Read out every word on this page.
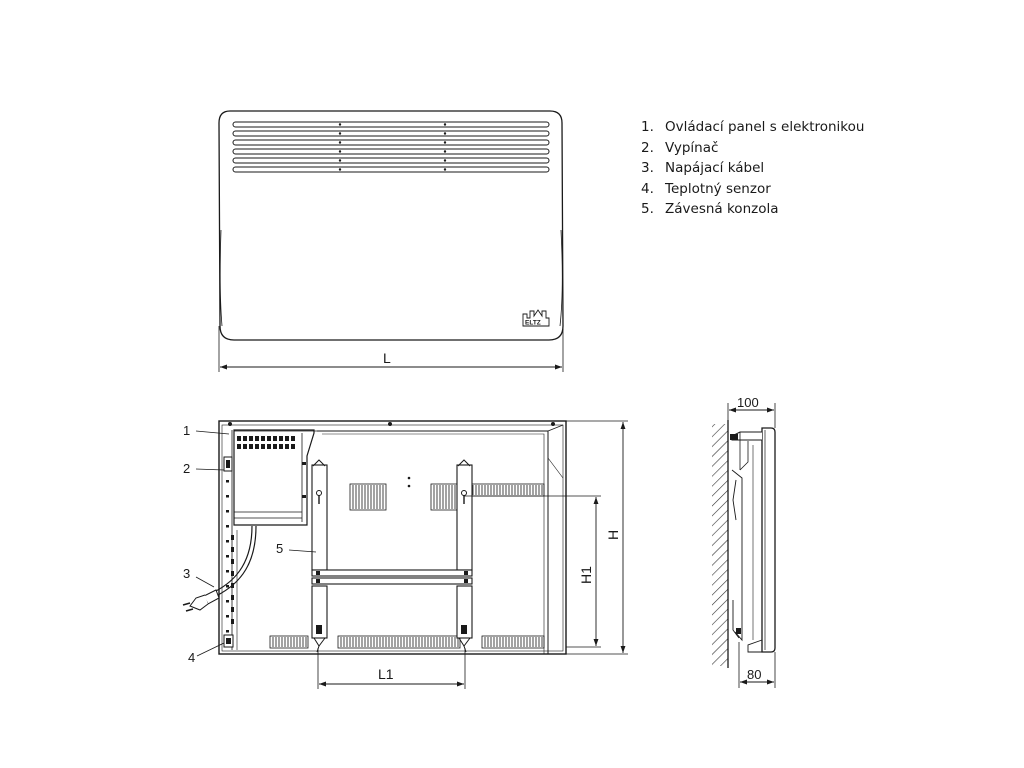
ELTZ
L
L1
H1
H
1
2
3
4
5
100
80
1. Ovládací panel s elektronikou
2. Vypínač
3. Napájací kábel
4. Teplotný senzor
5. Závesná konzola
